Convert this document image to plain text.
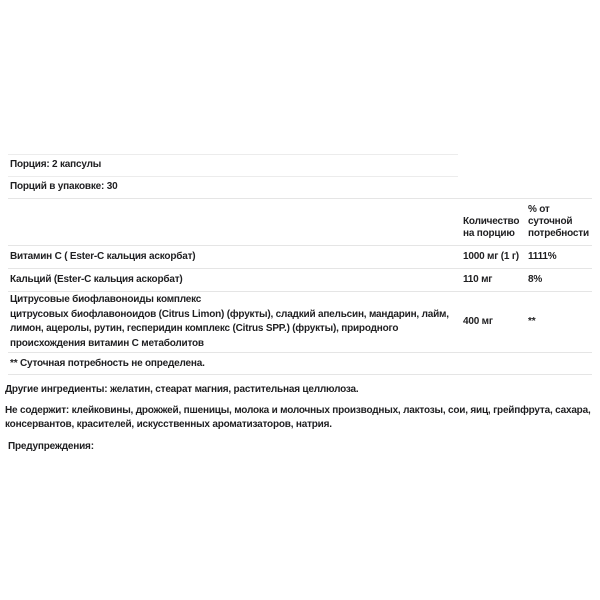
Порция: 2 капсулы
Порций в упаковке: 30
	Количество на порцию	% от суточной потребности

Витамин C ( Ester-C кальция аскорбат)	1000 мг (1 г)	1111%

Кальций (Ester-C кальция аскорбат)	110 мг	8%

Цитрусовые биофлавоноиды комплекс
цитрусовых биофлавоноидов (Citrus Limon) (фрукты), сладкий апельсин, мандарин, лайм, лимон, ацеролы, рутин, гесперидин комплекс (Citrus SPP.) (фрукты), природного происхождения витамин C метаболитов	400 мг	**
** Суточная потребность не определена.		

Другие ингредиенты: желатин, стеарат магния, растительная целлюлоза.

Не содержит: клейковины, дрожжей, пшеницы, молока и молочных производных, лактозы, сои, яиц, грейпфрута, сахара, консервантов, красителей, искусственных ароматизаторов, натрия.

Предупреждения:
